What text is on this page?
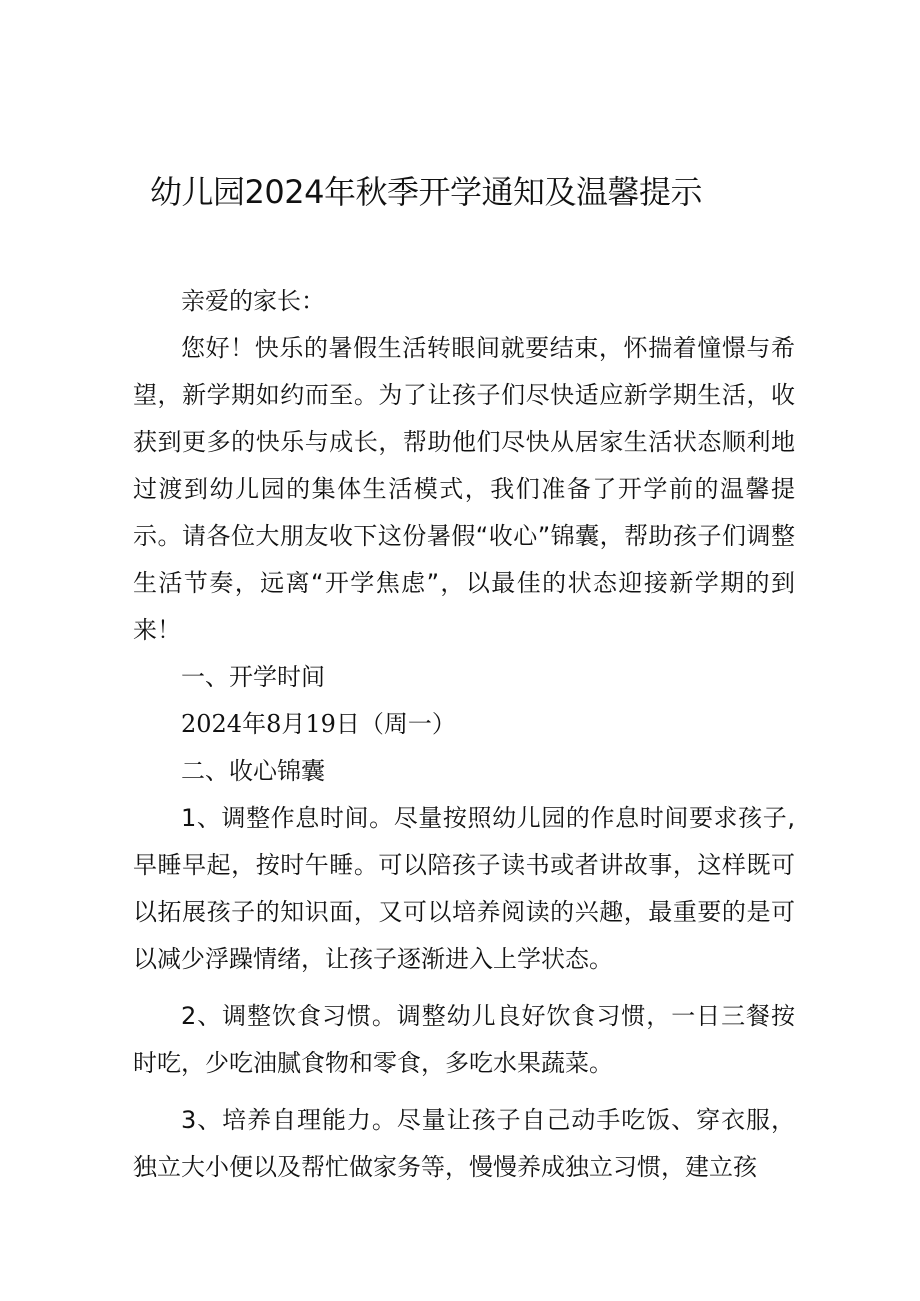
幼儿园2024年秋季开学通知及温馨提示

亲爱的家长：

您好！快乐的暑假生活转眼间就要结束，怀揣着憧憬与希望，新学期如约而至。为了让孩子们尽快适应新学期生活，收获到更多的快乐与成长，帮助他们尽快从居家生活状态顺利地过渡到幼儿园的集体生活模式，我们准备了开学前的温馨提示。请各位大朋友收下这份暑假“收心”锦囊，帮助孩子们调整生活节奏，远离“开学焦虑”，以最佳的状态迎接新学期的到来！

一、开学时间

2024年8月19日（周一）

二、收心锦囊

1、调整作息时间。尽量按照幼儿园的作息时间要求孩子,早睡早起，按时午睡。可以陪孩子读书或者讲故事，这样既可以拓展孩子的知识面，又可以培养阅读的兴趣，最重要的是可以减少浮躁情绪，让孩子逐渐进入上学状态。

2、调整饮食习惯。调整幼儿良好饮食习惯，一日三餐按时吃，少吃油腻食物和零食，多吃水果蔬菜。

3、培养自理能力。尽量让孩子自己动手吃饭、穿衣服，独立大小便以及帮忙做家务等，慢慢养成独立习惯，建立孩
